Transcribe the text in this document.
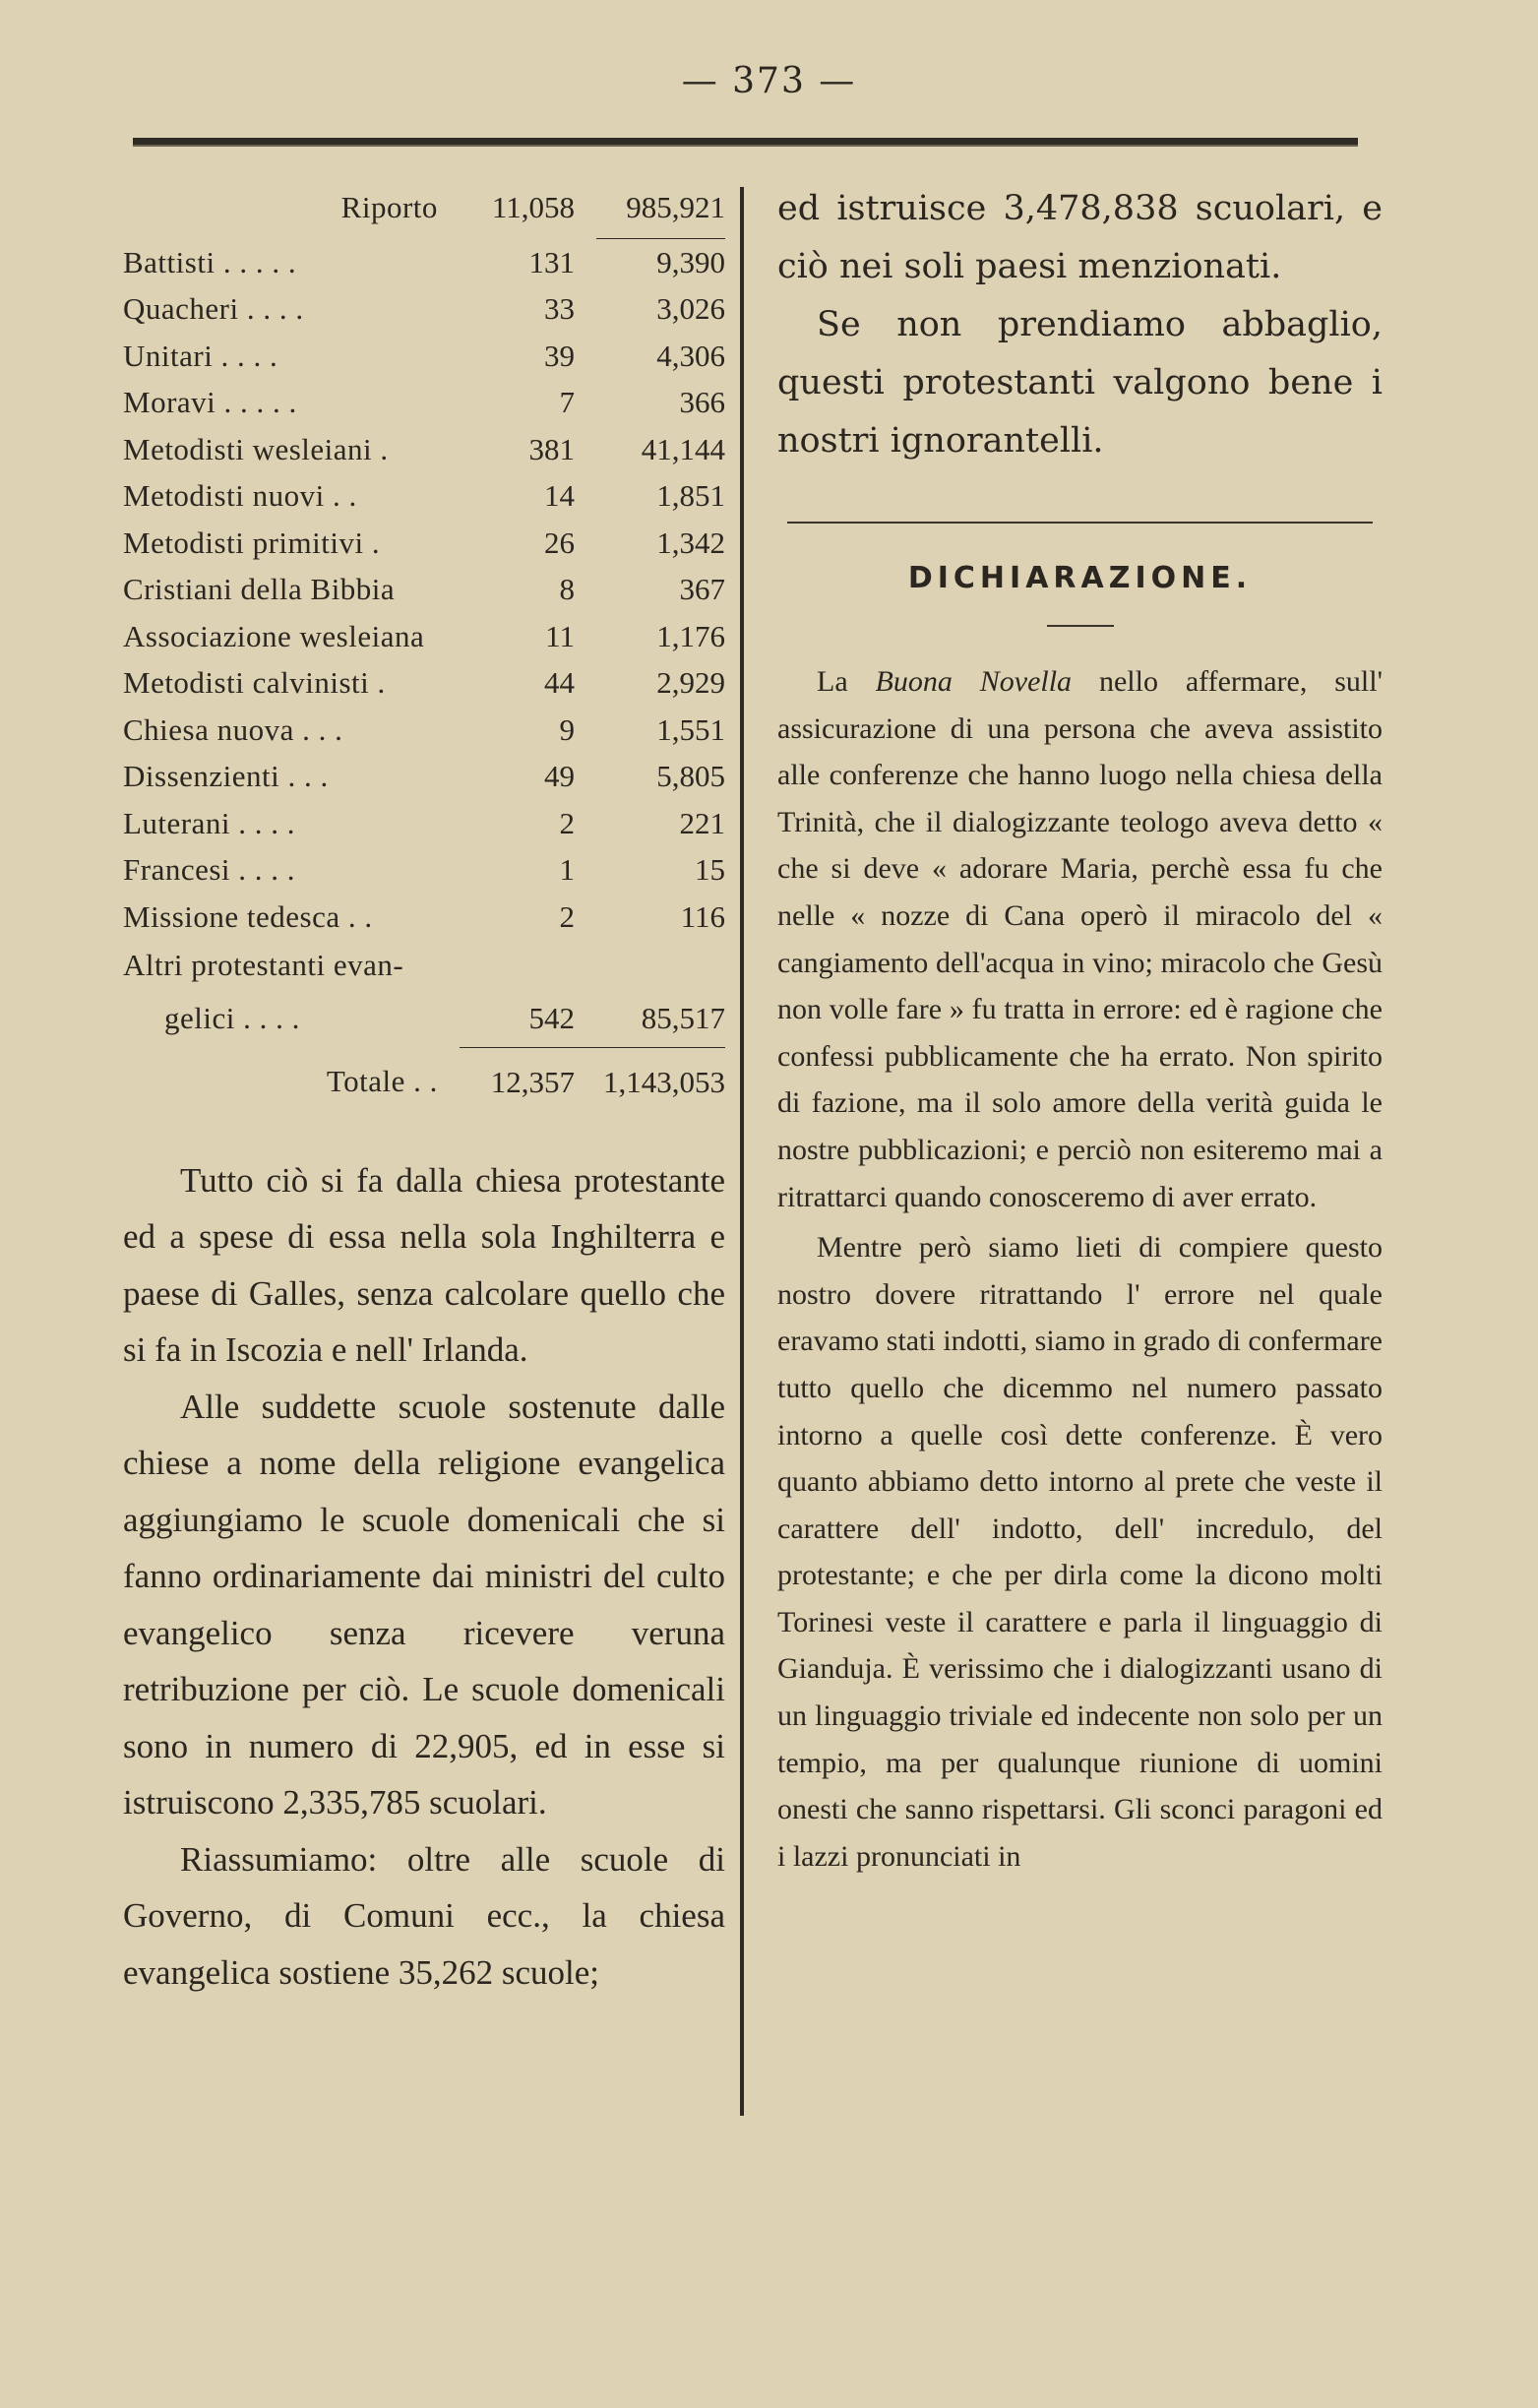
— 373 —
Riporto	11,058	985,921
Battisti . . . . .	131	9,390
Quacheri . . . .	33	3,026
Unitari . . . .	39	4,306
Moravi . . . . .	7	366
Metodisti wesleiani .	381	41,144
Metodisti nuovi . .	14	1,851
Metodisti primitivi .	26	1,342
Cristiani della Bibbia	8	367
Associazione wesleiana	11	1,176
Metodisti calvinisti .	44	2,929
Chiesa nuova . . .	9	1,551
Dissenzienti . . .	49	5,805
Luterani . . . .	2	221
Francesi . . . .	1	15
Missione tedesca . .	2	116
Altri protestanti evan-		
gelici . . . .	542	85,517
Totale . .	12,357	1,143,053

Tutto ciò si fa dalla chiesa protestante ed a spese di essa nella sola Inghilterra e paese di Galles, senza calcolare quello che si fa in Iscozia e nell' Irlanda.

Alle suddette scuole sostenute dalle chiese a nome della religione evangelica aggiungiamo le scuole domenicali che si fanno ordinariamente dai ministri del culto evangelico senza ricevere veruna retribuzione per ciò. Le scuole domenicali sono in numero di 22,905, ed in esse si istruiscono 2,335,785 scuolari.

Riassumiamo: oltre alle scuole di Governo, di Comuni ecc., la chiesa evangelica sostiene 35,262 scuole;

ed istruisce 3,478,838 scuolari, e ciò nei soli paesi menzionati.

Se non prendiamo abbaglio, questi protestanti valgono bene i nostri ignorantelli.

DICHIARAZIONE.

La Buona Novella nello affermare, sull' assicurazione di una persona che aveva assistito alle conferenze che hanno luogo nella chiesa della Trinità, che il dialogizzante teologo aveva detto « che si deve « adorare Maria, perchè essa fu che nelle « nozze di Cana operò il miracolo del « cangiamento dell'acqua in vino; miracolo che Gesù non volle fare » fu tratta in errore: ed è ragione che confessi pubblicamente che ha errato. Non spirito di fazione, ma il solo amore della verità guida le nostre pubblicazioni; e perciò non esiteremo mai a ritrattarci quando conosceremo di aver errato.

Mentre però siamo lieti di compiere questo nostro dovere ritrattando l' errore nel quale eravamo stati indotti, siamo in grado di confermare tutto quello che dicemmo nel numero passato intorno a quelle così dette conferenze. È vero quanto abbiamo detto intorno al prete che veste il carattere dell' indotto, dell' incredulo, del protestante; e che per dirla come la dicono molti Torinesi veste il carattere e parla il linguaggio di Gianduja. È verissimo che i dialogizzanti usano di un linguaggio triviale ed indecente non solo per un tempio, ma per qualunque riunione di uomini onesti che sanno rispettarsi. Gli sconci paragoni ed i lazzi pronunciati in
